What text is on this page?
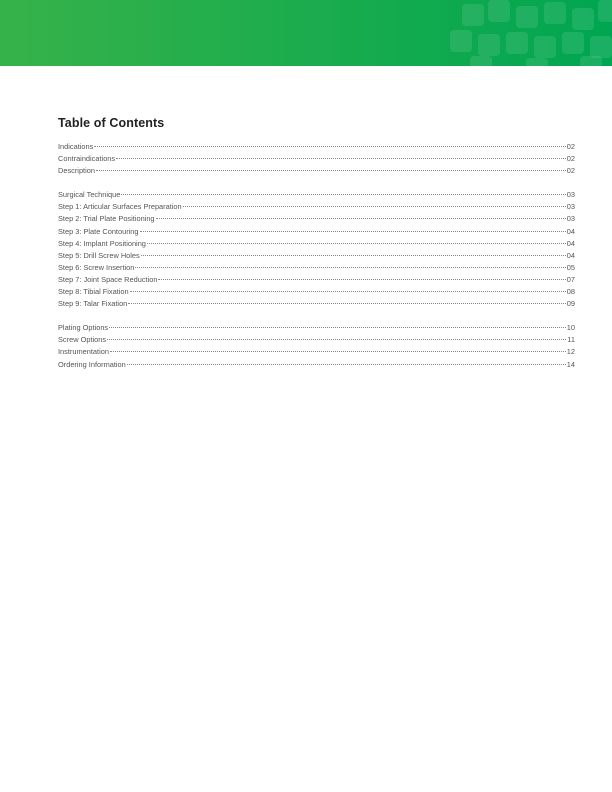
Table of Contents
Indications	02
Contraindications	02
Description	02
Surgical Technique	03
Step 1: Articular Surfaces Preparation	03
Step 2: Trial Plate Positioning	03
Step 3: Plate Contouring	04
Step 4: Implant Positioning	04
Step 5: Drill Screw Holes	04
Step 6: Screw Insertion	05
Step 7: Joint Space Reduction	07
Step 8: Tibial Fixation	08
Step 9: Talar Fixation	09
Plating Options	10
Screw Options	11
Instrumentation	12
Ordering Information	14
